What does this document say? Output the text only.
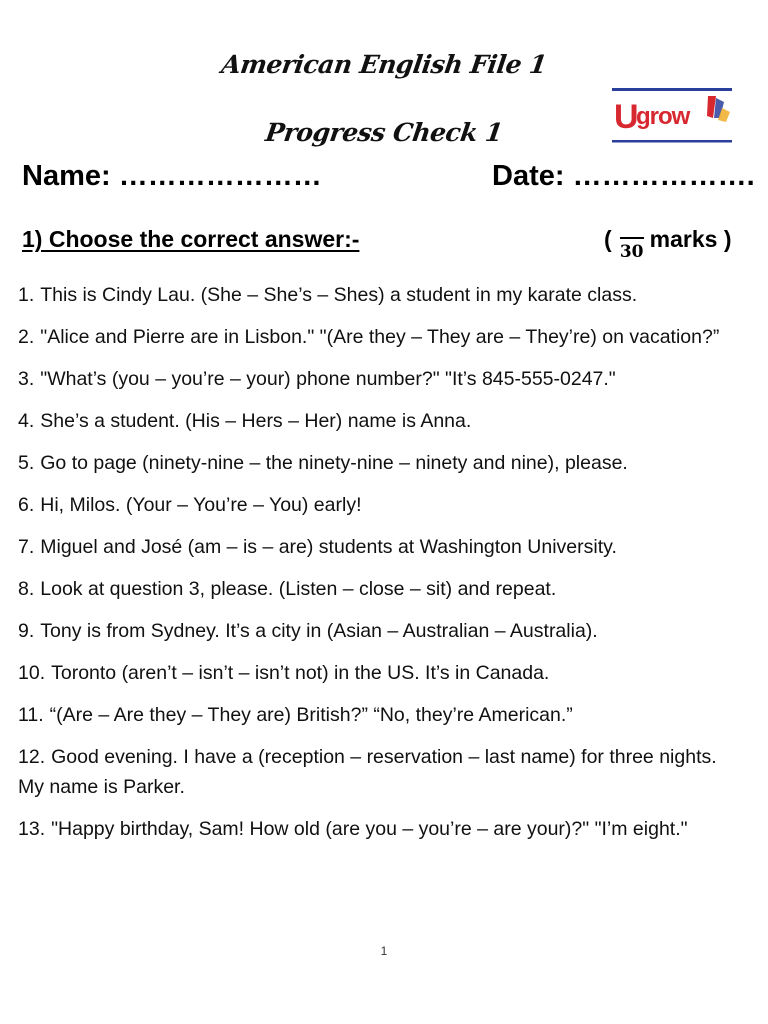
American English File 1
Progress Check 1	U
grow
Name: …………………	Date: ……………….
1) Choose the correct answer:-	( 30 marks )
1. This is Cindy Lau. (She – She’s – Shes) a student in my karate class.
2. "Alice and Pierre are in Lisbon." "(Are they – They are – They’re) on vacation?”
3. "What’s (you – you’re – your) phone number?" "It’s 845-555-0247."
4. She’s a student. (His – Hers – Her) name is Anna.
5. Go to page (ninety-nine – the ninety-nine – ninety and nine), please.
6. Hi, Milos. (Your – You’re – You) early!
7. Miguel and José (am – is – are) students at Washington University.
8. Look at question 3, please. (Listen – close – sit) and repeat.
9. Tony is from Sydney. It’s a city in (Asian – Australian – Australia).
10. Toronto (aren’t – isn’t – isn’t not) in the US. It’s in Canada.
11. “(Are – Are they – They are) British?” “No, they’re American.”
12. Good evening. I have a (reception – reservation – last name) for three nights. My name is Parker.
13. "Happy birthday, Sam! How old (are you – you’re – are your)?" "I’m eight."
1
